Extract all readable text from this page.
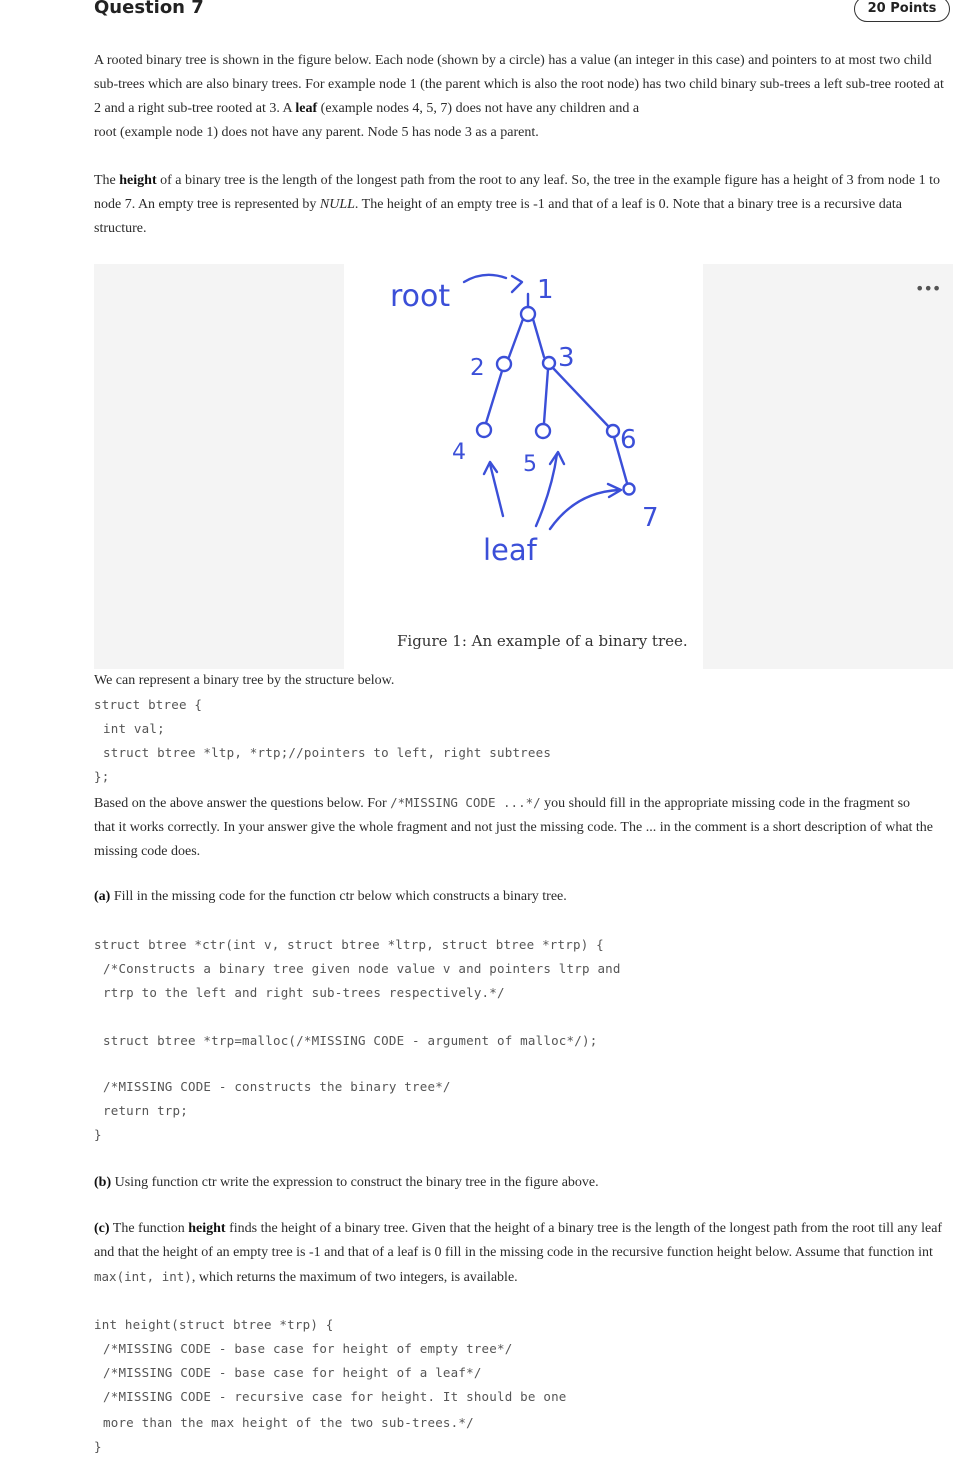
Question 7	20 Points
A rooted binary tree is shown in the figure below. Each node (shown by a circle) has a value (an integer in this case) and pointers to at most two child
sub-trees which are also binary trees. For example node 1 (the parent which is also the root node) has two child binary sub-trees a left sub-tree rooted at
2 and a right sub-tree rooted at 3. A leaf (example nodes 4, 5, 7) does not have any children and a
root (example node 1) does not have any parent. Node 5 has node 3 as a parent.
The height of a binary tree is the length of the longest path from the root to any leaf. So, the tree in the example figure has a height of 3 from node 1 to
node 7. An empty tree is represented by NULL. The height of an empty tree is -1 and that of a leaf is 0. Note that a binary tree is a recursive data
structure.
•••
root
leaf
1
2	3
4	5
6
7
Figure 1: An example of a binary tree.
We can represent a binary tree by the structure below.
struct btree {
int val;
struct btree *ltp, *rtp;//pointers to left, right subtrees
};
Based on the above answer the questions below. For /*MISSING CODE ...*/ you should fill in the appropriate missing code in the fragment so
that it works correctly. In your answer give the whole fragment and not just the missing code. The ... in the comment is a short description of what the
missing code does.
(a) Fill in the missing code for the function ctr below which constructs a binary tree.
struct btree *ctr(int v, struct btree *ltrp, struct btree *rtrp) {
/*Constructs a binary tree given node value v and pointers ltrp and
rtrp to the left and right sub-trees respectively.*/
struct btree *trp=malloc(/*MISSING CODE - argument of malloc*/);
/*MISSING CODE - constructs the binary tree*/
return trp;
}
(b) Using function ctr write the expression to construct the binary tree in the figure above.
(c) The function height finds the height of a binary tree. Given that the height of a binary tree is the length of the longest path from the root till any leaf
and that the height of an empty tree is -1 and that of a leaf is 0 fill in the missing code in the recursive function height below. Assume that function int
max(int, int), which returns the maximum of two integers, is available.
int height(struct btree *trp) {
/*MISSING CODE - base case for height of empty tree*/
/*MISSING CODE - base case for height of a leaf*/
/*MISSING CODE - recursive case for height. It should be one
more than the max height of the two sub-trees.*/
}
